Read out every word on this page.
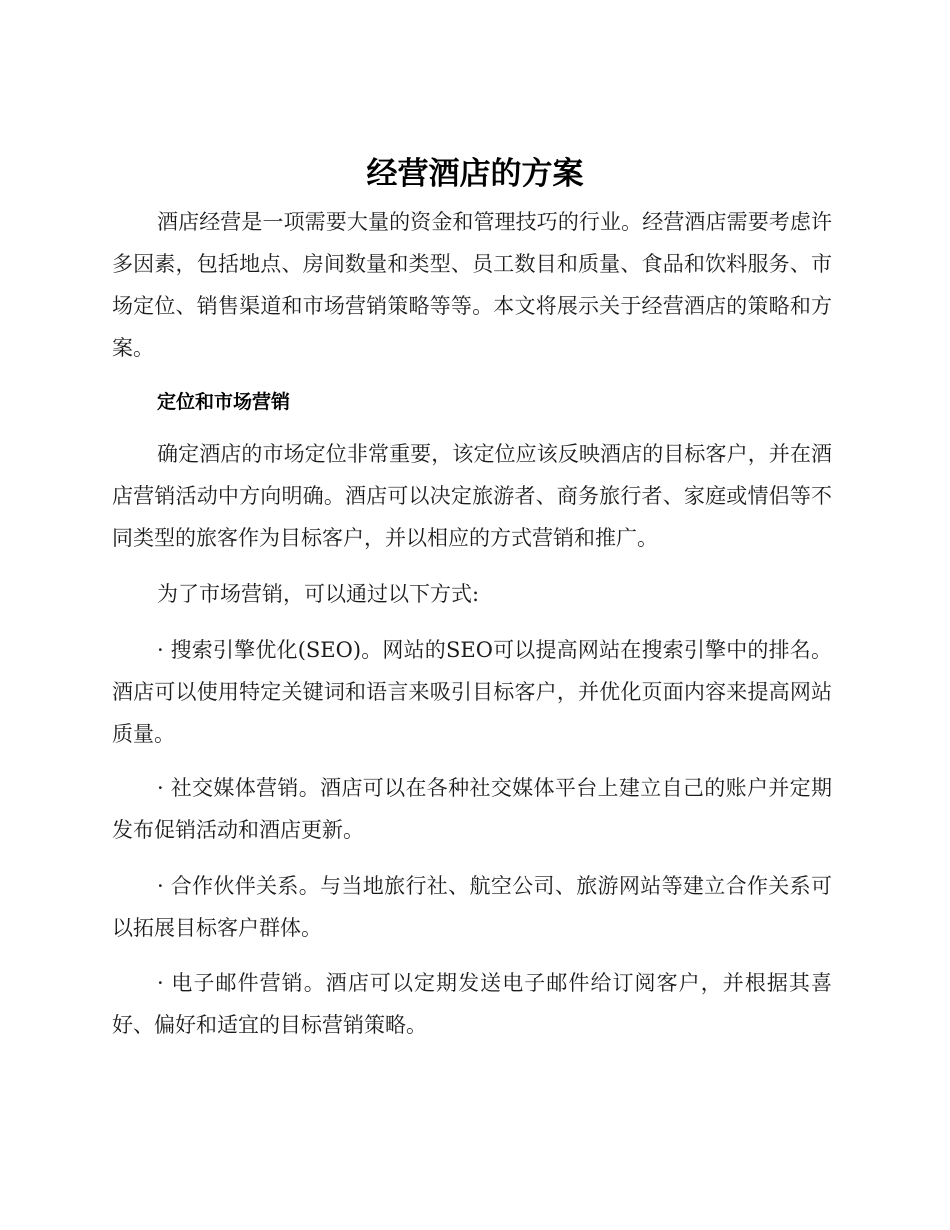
经营酒店的方案

酒店经营是一项需要大量的资金和管理技巧的行业。经营酒店需要考虑许多因素，包括地点、房间数量和类型、员工数目和质量、食品和饮料服务、市场定位、销售渠道和市场营销策略等等。本文将展示关于经营酒店的策略和方案。

定位和市场营销

确定酒店的市场定位非常重要，该定位应该反映酒店的目标客户，并在酒店营销活动中方向明确。酒店可以决定旅游者、商务旅行者、家庭或情侣等不同类型的旅客作为目标客户，并以相应的方式营销和推广。

为了市场营销，可以通过以下方式:

· 搜索引擎优化(SEO)。网站的SEO可以提高网站在搜索引擎中的排名。酒店可以使用特定关键词和语言来吸引目标客户，并优化页面内容来提高网站质量。

· 社交媒体营销。酒店可以在各种社交媒体平台上建立自己的账户并定期发布促销活动和酒店更新。

· 合作伙伴关系。与当地旅行社、航空公司、旅游网站等建立合作关系可以拓展目标客户群体。

· 电子邮件营销。酒店可以定期发送电子邮件给订阅客户，并根据其喜好、偏好和适宜的目标营销策略。
